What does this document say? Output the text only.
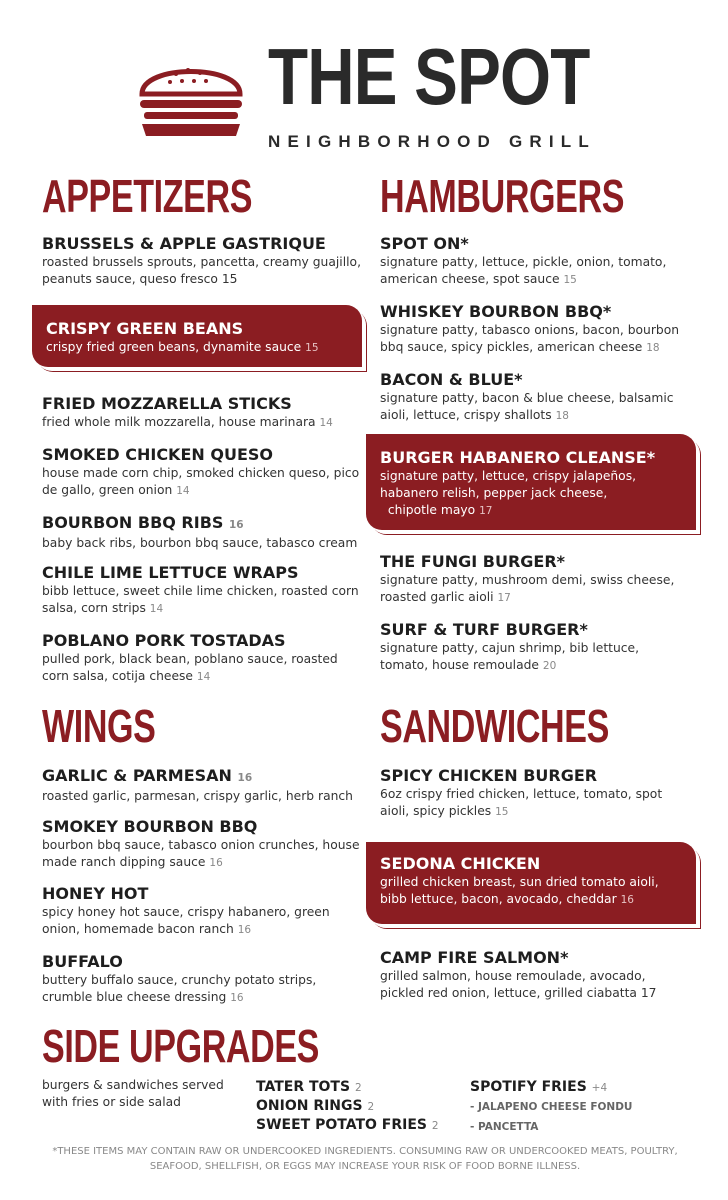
THE SPOT
NEIGHBORHOOD GRILL
APPETIZERS
BRUSSELS & APPLE GASTRIQUE
roasted brussels sprouts, pancetta, creamy guajillo, peanuts sauce, queso fresco 15
CRISPY GREEN BEANS
crispy fried green beans, dynamite sauce 15
FRIED MOZZARELLA STICKS
fried whole milk mozzarella, house marinara 14
SMOKED CHICKEN QUESO
house made corn chip, smoked chicken queso, pico de gallo, green onion 14
BOURBON BBQ RIBS 16
baby back ribs, bourbon bbq sauce, tabasco cream
CHILE LIME LETTUCE WRAPS
bibb lettuce, sweet chile lime chicken, roasted corn salsa, corn strips 14
POBLANO PORK TOSTADAS
pulled pork, black bean, poblano sauce, roasted corn salsa, cotija cheese 14
HAMBURGERS
SPOT ON*
signature patty, lettuce, pickle, onion, tomato, american cheese, spot sauce 15
WHISKEY BOURBON BBQ*
signature patty, tabasco onions, bacon, bourbon bbq sauce, spicy pickles, american cheese 18
BACON & BLUE*
signature patty, bacon & blue cheese, balsamic aioli, lettuce, crispy shallots 18
BURGER HABANERO CLEANSE*
signature patty, lettuce, crispy jalapeños, habanero relish, pepper jack cheese,
chipotle mayo 17
THE FUNGI BURGER*
signature patty, mushroom demi, swiss cheese, roasted garlic aioli 17
SURF & TURF BURGER*
signature patty, cajun shrimp, bib lettuce, tomato, house remoulade 20
WINGS
GARLIC & PARMESAN 16
roasted garlic, parmesan, crispy garlic, herb ranch
SMOKEY BOURBON BBQ
bourbon bbq sauce, tabasco onion crunches, house made ranch dipping sauce 16
HONEY HOT
spicy honey hot sauce, crispy habanero, green onion, homemade bacon ranch 16
BUFFALO
buttery buffalo sauce, crunchy potato strips, crumble blue cheese dressing 16
SANDWICHES
SPICY CHICKEN BURGER
6oz crispy fried chicken, lettuce, tomato, spot aioli, spicy pickles 15
SEDONA CHICKEN
grilled chicken breast, sun dried tomato aioli, bibb lettuce, bacon, avocado, cheddar 16
CAMP FIRE SALMON*
grilled salmon, house remoulade, avocado, pickled red onion, lettuce, grilled ciabatta 17
SIDE UPGRADES
burgers & sandwiches served with fries or side salad
TATER TOTS 2
ONION RINGS 2
SWEET POTATO FRIES 2
SPOTIFY FRIES +4
- JALAPENO CHEESE FONDU
- PANCETTA
*THESE ITEMS MAY CONTAIN RAW OR UNDERCOOKED INGREDIENTS. CONSUMING RAW OR UNDERCOOKED MEATS, POULTRY, SEAFOOD, SHELLFISH, OR EGGS MAY INCREASE YOUR RISK OF FOOD BORNE ILLNESS.
